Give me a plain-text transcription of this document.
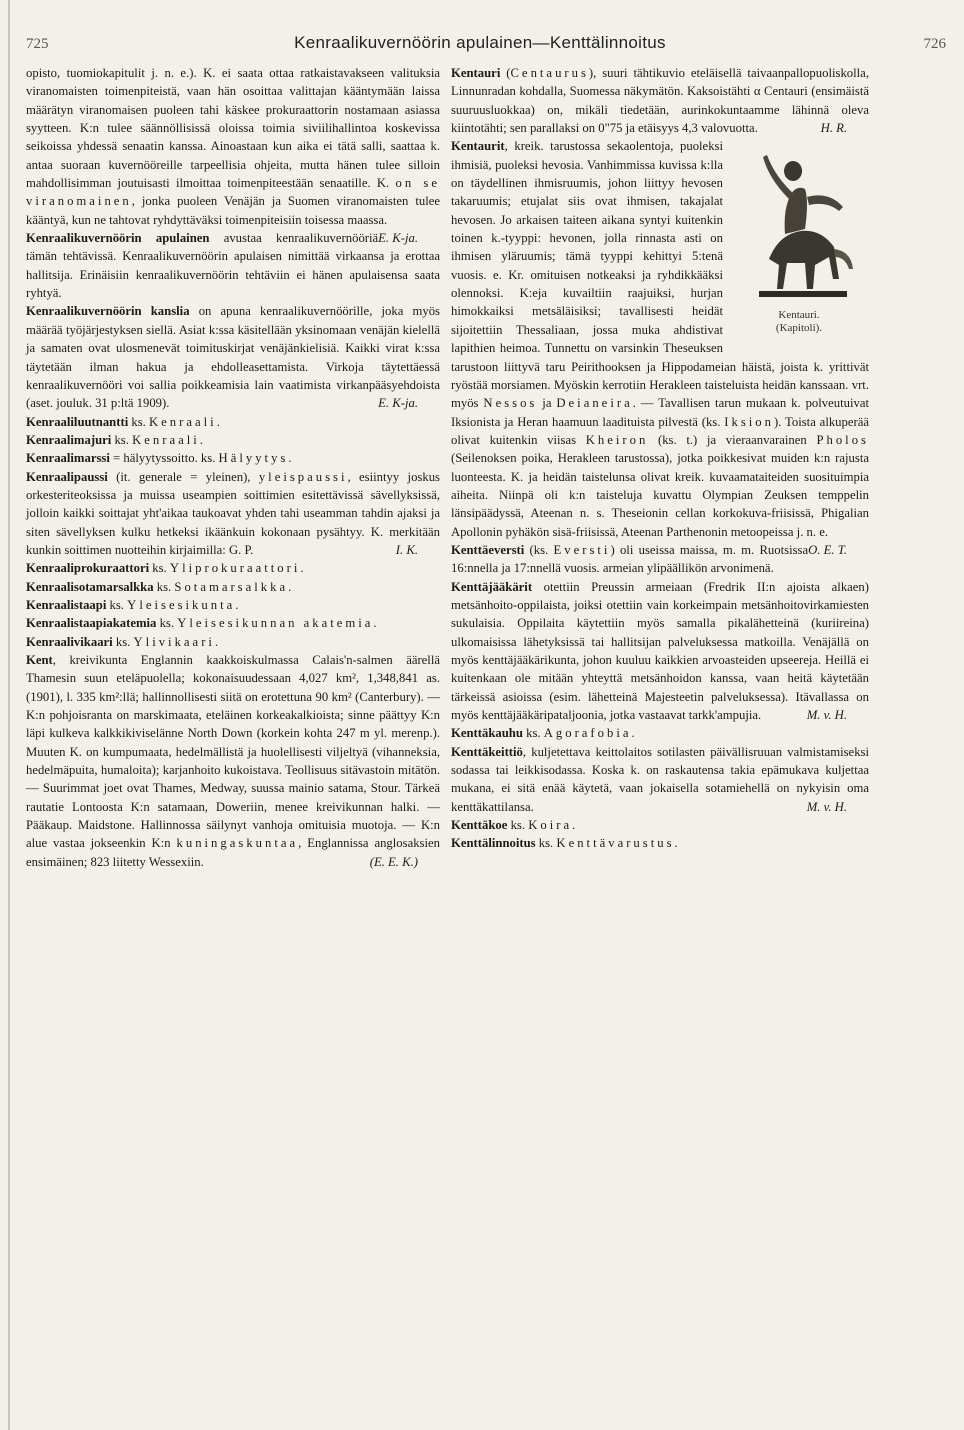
725	Kenraalikuvernöörin apulainen—Kenttälinnoitus	726

opisto, tuomiokapitulit j. n. e.). K. ei saata ottaa ratkaistavakseen valituksia viranomaisten toimenpiteistä, vaan hän osoittaa valittajan kääntymään laissa määrätyn viranomaisen puoleen tahi käskee prokuraattorin nostamaan asiassa syytteen. K:n tulee säännöllisissä oloissa toimia siviilihallintoa koskevissa seikoissa yhdessä senaatin kanssa. Ainoastaan kun aika ei tätä salli, saattaa k. antaa suoraan kuvernööreille tarpeellisia ohjeita, mutta hänen tulee silloin mahdollisimman joutuisasti ilmoittaa toimenpiteestään senaatille. K. on se viranomainen, jonka puoleen Venäjän ja Suomen viranomaisten tulee kääntyä, kun ne tahtovat ryhdyttäväksi toimenpiteisiin toisessa maassa.
E. K-ja.

Kenraalikuvernöörin apulainen avustaa kenraalikuvernööriä tämän tehtävissä. Kenraalikuvernöörin apulaisen nimittää virkaansa ja erottaa hallitsija. Erinäisiin kenraalikuvernöörin tehtäviin ei hänen apulaisensa saata ryhtyä.

Kenraalikuvernöörin kanslia on apuna kenraalikuvernöörille, joka myös määrää työjärjestyksen siellä. Asiat k:ssa käsitellään yksinomaan venäjän kielellä ja samaten ovat ulosmenevät toimituskirjat venäjänkielisiä. Kaikki virat k:ssa täytetään ilman hakua ja ehdolleasettamista. Virkoja täytettäessä kenraalikuvernööri voi sallia poikkeamisia lain vaatimista virkanpääsyehdoista (aset. jouluk. 31 p:ltä 1909).	E. K-ja.

Kenraaliluutnantti ks. Kenraali.

Kenraalimajuri ks. Kenraali.

Kenraalimarssi = hälyytyssoitto. ks. Hälyytys.

Kenraalipaussi (it. generale = yleinen), yleispaussi, esiintyy joskus orkesteriteoksissa ja muissa useampien soittimien esitettävissä sävellyksissä, jolloin kaikki soittajat yht'aikaa taukoavat yhden tahi useamman tahdin ajaksi ja siten sävellyksen kulku hetkeksi ikäänkuin kokonaan pysähtyy. K. merkitään kunkin soittimen nuotteihin kirjaimilla: G. P.	I. K.

Kenraaliprokuraattori ks. Yliprokuraattori.

Kenraalisotamarsalkka ks. Sotamarsalkka.

Kenraalistaapi ks. Yleisesikunta.

Kenraalistaapiakatemia ks. Yleisesikunnan akatemia.

Kenraalivikaari ks. Ylivikaari.

Kent, kreivikunta Englannin kaakkoiskulmassa Calais'n-salmen äärellä Thamesin suun eteläpuolella; kokonaisuudessaan 4,027 km², 1,348,841 as. (1901), l. 335 km²:llä; hallinnollisesti siitä on erotettuna 90 km² (Canterbury). — K:n pohjoisranta on marskimaata, eteläinen korkeakalkioista; sinne päättyy K:n läpi kulkeva kalkkikiviselänne North Down (korkein kohta 247 m yl. merenp.). Muuten K. on kumpumaata, hedelmällistä ja huolellisesti viljeltyä (vihanneksia, hedelmäpuita, humaloita); karjanhoito kukoistava. Teollisuus sitävastoin mitätön. — Suurimmat joet ovat Thames, Medway, suussa mainio satama, Stour. Tärkeä rautatie Lontoosta K:n satamaan, Doweriin, menee kreivikunnan halki. — Pääkaup. Maidstone. Hallinnossa säilynyt vanhoja omituisia muotoja. — K:n alue vastaa jokseenkin K:n kuningaskuntaa, Englannissa anglosaksien ensimäinen; 823 liitetty Wessexiin.	(E. E. K.)

Kentauri (Centaurus), suuri tähtikuvio eteläisellä taivaanpallopuoliskolla, Linnunradan kohdalla, Suomessa näkymätön. Kaksoistähti α Centauri (ensimäistä suuruusluokkaa) on, mikäli tiedetään, aurinkokuntaamme lähinnä oleva kiintotähti; sen parallaksi on 0"75 ja etäisyys 4,3 valovuotta.	H. R.

Kentauri.
(Kapitoli).
Kentaurit, kreik. tarustossa sekaolentoja, puoleksi ihmisiä, puoleksi hevosia. Vanhimmissa kuvissa k:lla on täydellinen ihmisruumis, johon liittyy hevosen takaruumis; etujalat siis ovat ihmisen, takajalat hevosen. Jo arkaisen taiteen aikana syntyi kuitenkin toinen k.-tyyppi: hevonen, jolla rinnasta asti on ihmisen yläruumis; tämä tyyppi kehittyi 5:tenä vuosis. e. Kr. omituisen notkeaksi ja ryhdikkääksi olennoksi. K:eja kuvailtiin raajuiksi, hurjan himokkaiksi metsäläisiksi; tavallisesti heidät sijoitettiin Thessaliaan, jossa muka ahdistivat lapithien heimoa. Tunnettu on varsinkin Theseuksen tarustoon liittyvä taru Peirithooksen ja Hippodameian häistä, joista k. yrittivät ryöstää morsiamen. Myöskin kerrotiin Herakleen taisteluista heidän kanssaan. vrt. myös Nessos ja Deianeira. — Tavallisen tarun mukaan k. polveutuivat Iksionista ja Heran haamuun laadituista pilvestä (ks. Iksion). Toista alkuperää olivat kuitenkin viisas Kheiron (ks. t.) ja vieraanvarainen Pholos (Seilenoksen poika, Herakleen tarustossa), jotka poikkesivat muiden k:n rajusta luonteesta. K. ja heidän taistelunsa olivat kreik. kuvaamataiteiden suosituimpia aiheita. Niinpä oli k:n taisteluja kuvattu Olympian Zeuksen temppelin länsipäädyssä, Ateenan n. s. Theseionin cellan korkokuva-friisissä, Phigalian Apollonin pyhäkön sisä-friisissä, Ateenan Parthenonin metoopeissa j. n. e.
O. E. T.

Kenttäeversti (ks. Eversti) oli useissa maissa, m. m. Ruotsissa 16:nnella ja 17:nnellä vuosis. armeian ylipäällikön arvonimenä.

Kenttäjääkärit otettiin Preussin armeiaan (Fredrik II:n ajoista alkaen) metsänhoito-oppilaista, joiksi otettiin vain korkeimpain metsänhoitovirkamiesten sukulaisia. Oppilaita käytettiin myös samalla pikalähetteinä (kuriireina) ulkomaisissa lähetyksissä tai hallitsijan palveluksessa matkoilla. Venäjällä on myös kenttäjääkärikunta, johon kuuluu kaikkien arvoasteiden upseereja. Heillä ei kuitenkaan ole mitään yhteyttä metsänhoidon kanssa, vaan heitä käytetään tärkeissä asioissa (esim. lähetteinä Majesteetin palveluksessa). Itävallassa on myös kenttäjääkäripataljoonia, jotka vastaavat tarkk'ampujia.	M. v. H.

Kenttäkauhu ks. Agorafobia.

Kenttäkeittiö, kuljetettava keittolaitos sotilasten päivällisruuan valmistamiseksi sodassa tai leikkisodassa. Koska k. on raskautensa takia epämukava kuljettaa mukana, ei sitä enää käytetä, vaan jokaisella sotamiehellä on nykyisin oma kenttäkattilansa.	M. v. H.

Kenttäkoe ks. Koira.

Kenttälinnoitus ks. Kenttävarustus.
